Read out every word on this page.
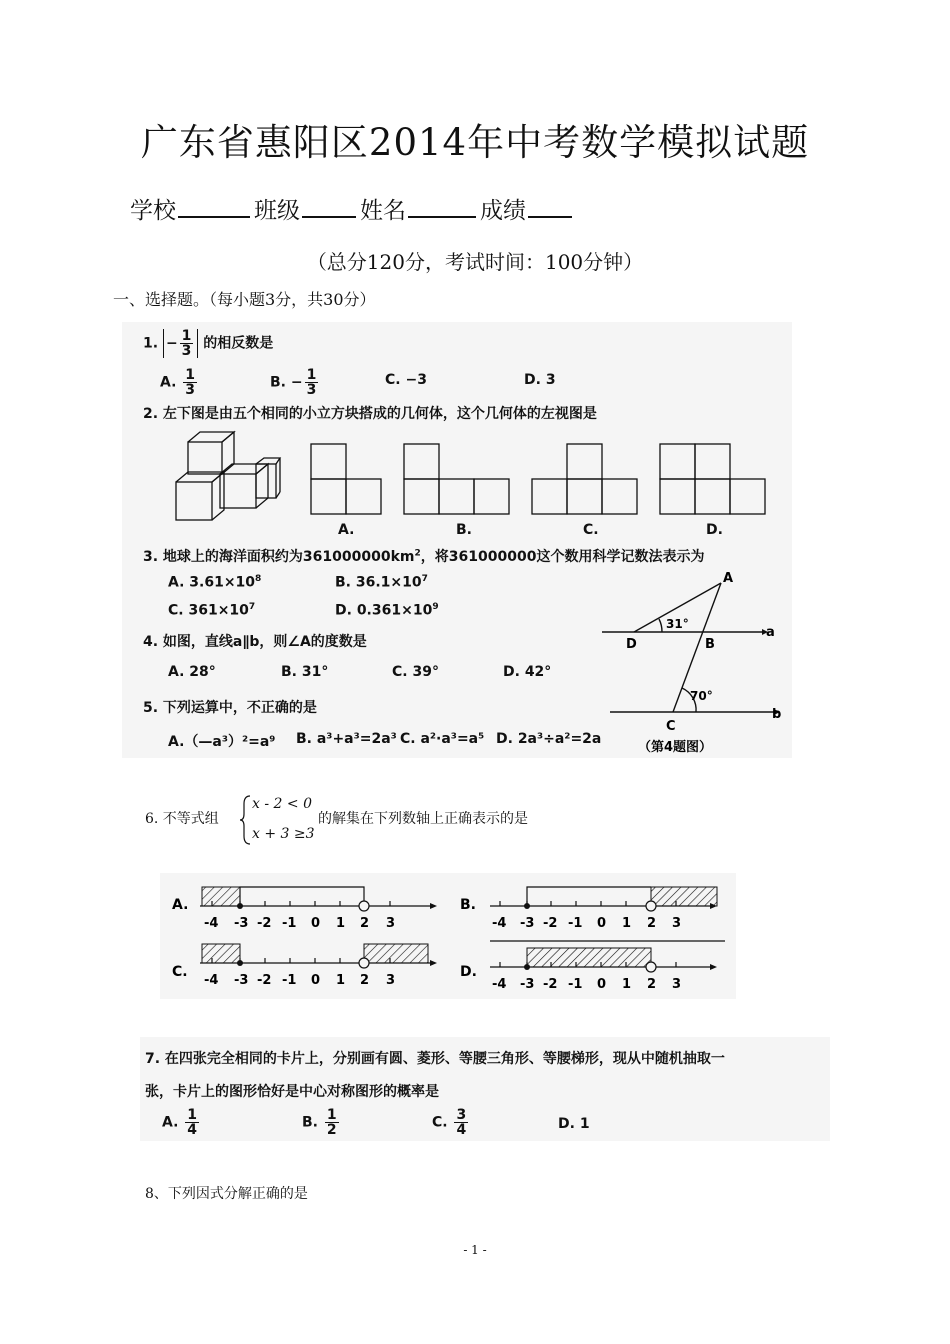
广东省惠阳区2014年中考数学模拟试题
学校	班级	姓名	成绩
（总分120分，考试时间：100分钟）
一、选择题。（每小题3分，共30分）
1. − $\frac{1}{3}$ 的相反数是
A. $\frac{1}{3}$	B. − $\frac{1}{3}$	C. −3	D. 3
2. 左下图是由五个相同的小立方块搭成的几何体，这个几何体的左视图是
A.	B.	C.	D.
3. 地球上的海洋面积约为$361000000km^2$，将361000000这个数用科学记数法表示为
A. $3.61\times 10^8$	B. $36.1\times 10^7$
C. $361\times 10^7$	D. $0.361\times 10^9$
4. 如图，直线a∥b，则∠A的度数是
A. 28°	B. 31°	C. 39°	D. 42°
A
B
C
D
a
b
31°
70°
（第4题图）
5. 下列运算中，不正确的是
A.（—a³）²=a⁹ B. a³+a³=2a³ C. a²·a³=a⁵ D. 2a³÷a²=2a
6. 不等式组
x - 2 < 0
x + 3 ≥3
的解集在下列数轴上正确表示的是
A.
-4 -3 -2 -1 0 1 2 3
B.
-4 -3 -2 -1 0 1 2 3
C.
-4 -3 -2 -1 0 1 2 3
D.
-4 -3 -2 -1 0 1 2 3
7. 在四张完全相同的卡片上，分别画有圆、菱形、等腰三角形、等腰梯形，现从中随机抽取一
张，卡片上的图形恰好是中心对称图形的概率是
A. $\frac{1}{4}$	B. $\frac{1}{2}$	C. $\frac{3}{4}$	D. 1
8、下列因式分解正确的是
- 1 -
